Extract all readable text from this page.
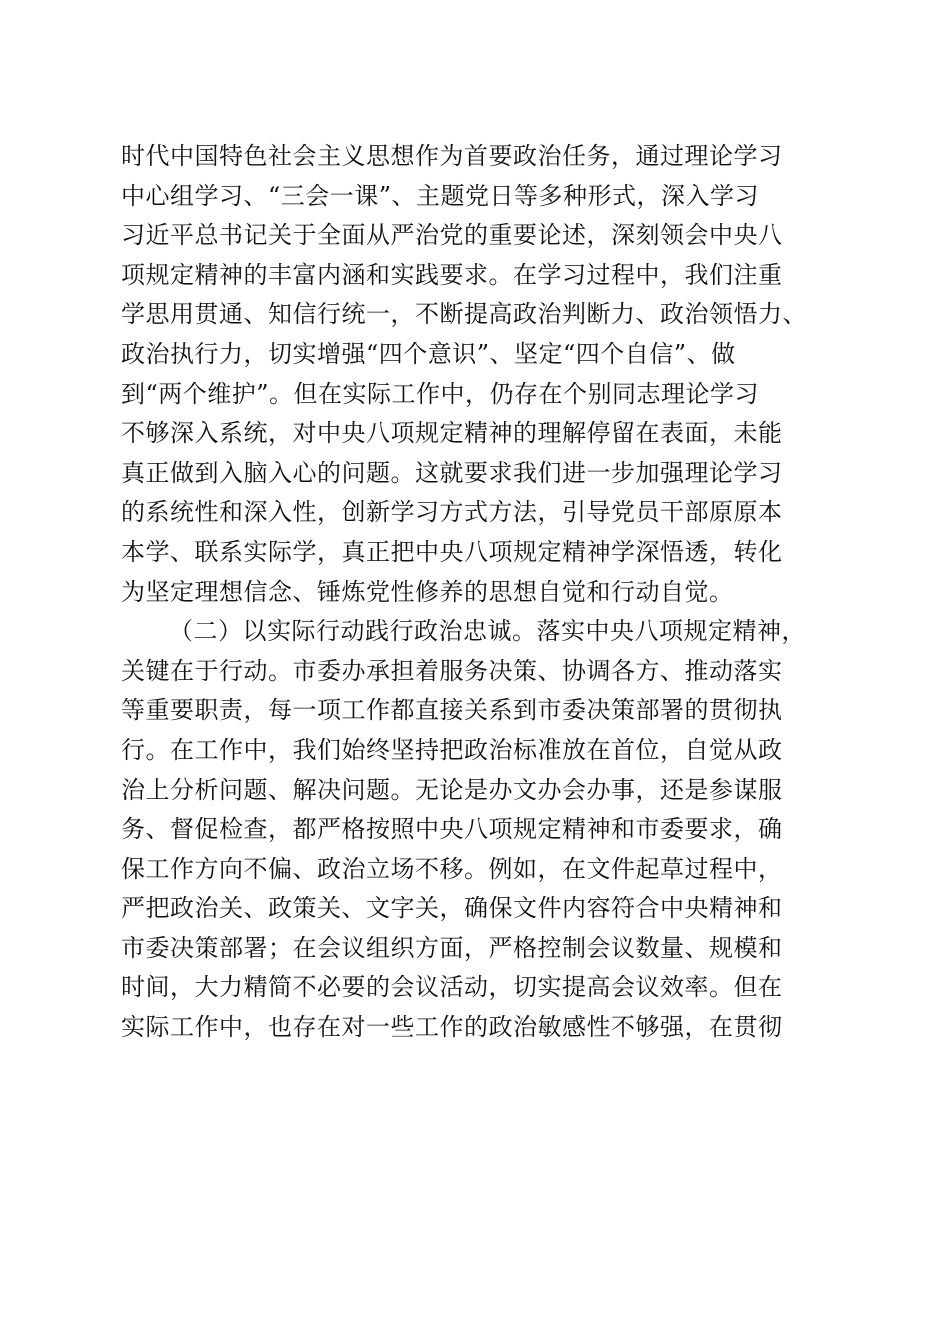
时代中国特色社会主义思想作为首要政治任务，通过理论学习
中心组学习、“三会一课”、主题党日等多种形式，深入学习
习近平总书记关于全面从严治党的重要论述，深刻领会中央八
项规定精神的丰富内涵和实践要求。在学习过程中，我们注重
学思用贯通、知信行统一，不断提高政治判断力、政治领悟力、
政治执行力，切实增强“四个意识”、坚定“四个自信”、做
到“两个维护”。但在实际工作中，仍存在个别同志理论学习
不够深入系统，对中央八项规定精神的理解停留在表面，未能
真正做到入脑入心的问题。这就要求我们进一步加强理论学习
的系统性和深入性，创新学习方式方法，引导党员干部原原本
本学、联系实际学，真正把中央八项规定精神学深悟透，转化
为坚定理想信念、锤炼党性修养的思想自觉和行动自觉。
（二）以实际行动践行政治忠诚。落实中央八项规定精神，
关键在于行动。市委办承担着服务决策、协调各方、推动落实
等重要职责，每一项工作都直接关系到市委决策部署的贯彻执
行。在工作中，我们始终坚持把政治标准放在首位，自觉从政
治上分析问题、解决问题。无论是办文办会办事，还是参谋服
务、督促检查，都严格按照中央八项规定精神和市委要求，确
保工作方向不偏、政治立场不移。例如，在文件起草过程中，
严把政治关、政策关、文字关，确保文件内容符合中央精神和
市委决策部署；在会议组织方面，严格控制会议数量、规模和
时间，大力精简不必要的会议活动，切实提高会议效率。但在
实际工作中，也存在对一些工作的政治敏感性不够强，在贯彻
